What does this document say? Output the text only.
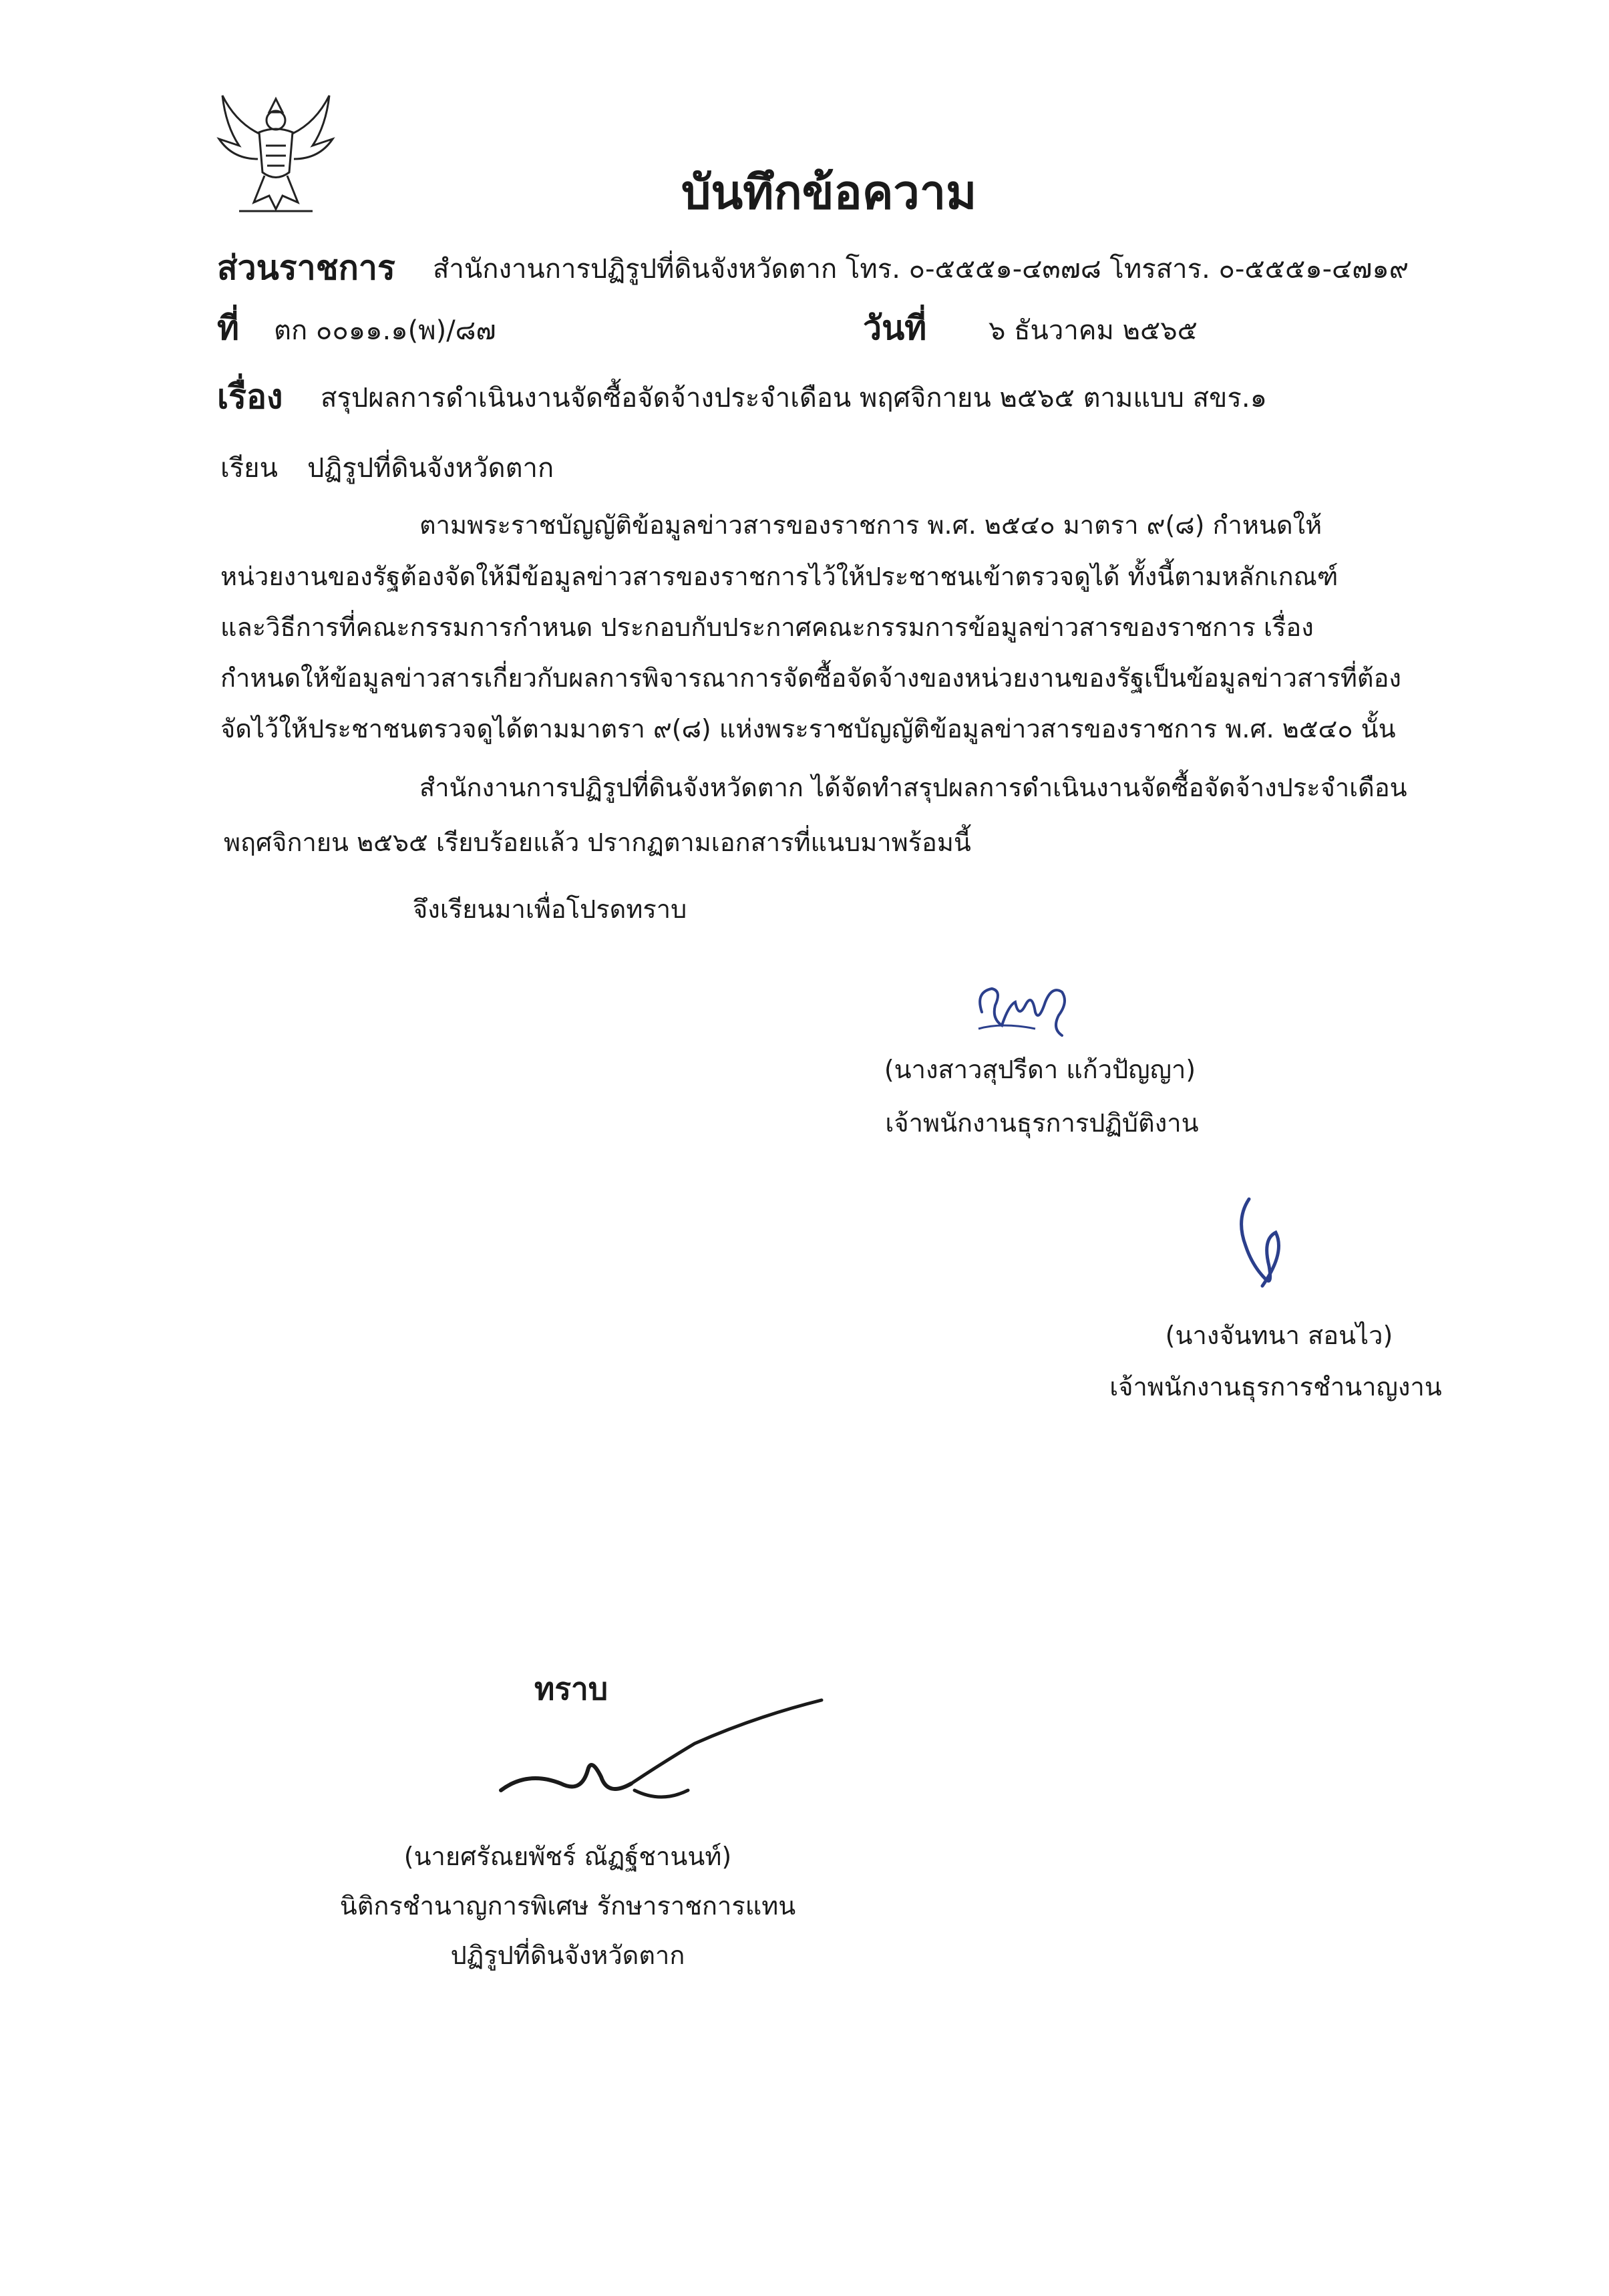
บันทึกข้อความ
ส่วนราชการ สำนักงานการปฏิรูปที่ดินจังหวัดตาก โทร. ๐-๕๕๕๑-๔๓๗๘ โทรสาร. ๐-๕๕๕๑-๔๗๑๙
ที่ ตก ๐๐๑๑.๑(พ)/๘๗	วันที่ ๖ ธันวาคม ๒๕๖๕
เรื่อง สรุปผลการดำเนินงานจัดซื้อจัดจ้างประจำเดือน พฤศจิกายน ๒๕๖๕ ตามแบบ สขร.๑
เรียน ปฏิรูปที่ดินจังหวัดตาก
ตามพระราชบัญญัติข้อมูลข่าวสารของราชการ พ.ศ. ๒๕๔๐ มาตรา ๙(๘) กำหนดให้
หน่วยงานของรัฐต้องจัดให้มีข้อมูลข่าวสารของราชการไว้ให้ประชาชนเข้าตรวจดูได้ ทั้งนี้ตามหลักเกณฑ์
และวิธีการที่คณะกรรมการกำหนด ประกอบกับประกาศคณะกรรมการข้อมูลข่าวสารของราชการ เรื่อง
กำหนดให้ข้อมูลข่าวสารเกี่ยวกับผลการพิจารณาการจัดซื้อจัดจ้างของหน่วยงานของรัฐเป็นข้อมูลข่าวสารที่ต้อง
จัดไว้ให้ประชาชนตรวจดูได้ตามมาตรา ๙(๘) แห่งพระราชบัญญัติข้อมูลข่าวสารของราชการ พ.ศ. ๒๕๔๐ นั้น
สำนักงานการปฏิรูปที่ดินจังหวัดตาก ได้จัดทำสรุปผลการดำเนินงานจัดซื้อจัดจ้างประจำเดือน
พฤศจิกายน ๒๕๖๕ เรียบร้อยแล้ว ปรากฏตามเอกสารที่แนบมาพร้อมนี้
จึงเรียนมาเพื่อโปรดทราบ
(นางสาวสุปรีดา แก้วปัญญา)
เจ้าพนักงานธุรการปฏิบัติงาน
(นางจันทนา สอนไว)
เจ้าพนักงานธุรการชำนาญงาน
ทราบ
(นายศรัณยพัชร์ ณัฏฐ์ชานนท์)
นิติกรชำนาญการพิเศษ รักษาราชการแทน
ปฏิรูปที่ดินจังหวัดตาก
